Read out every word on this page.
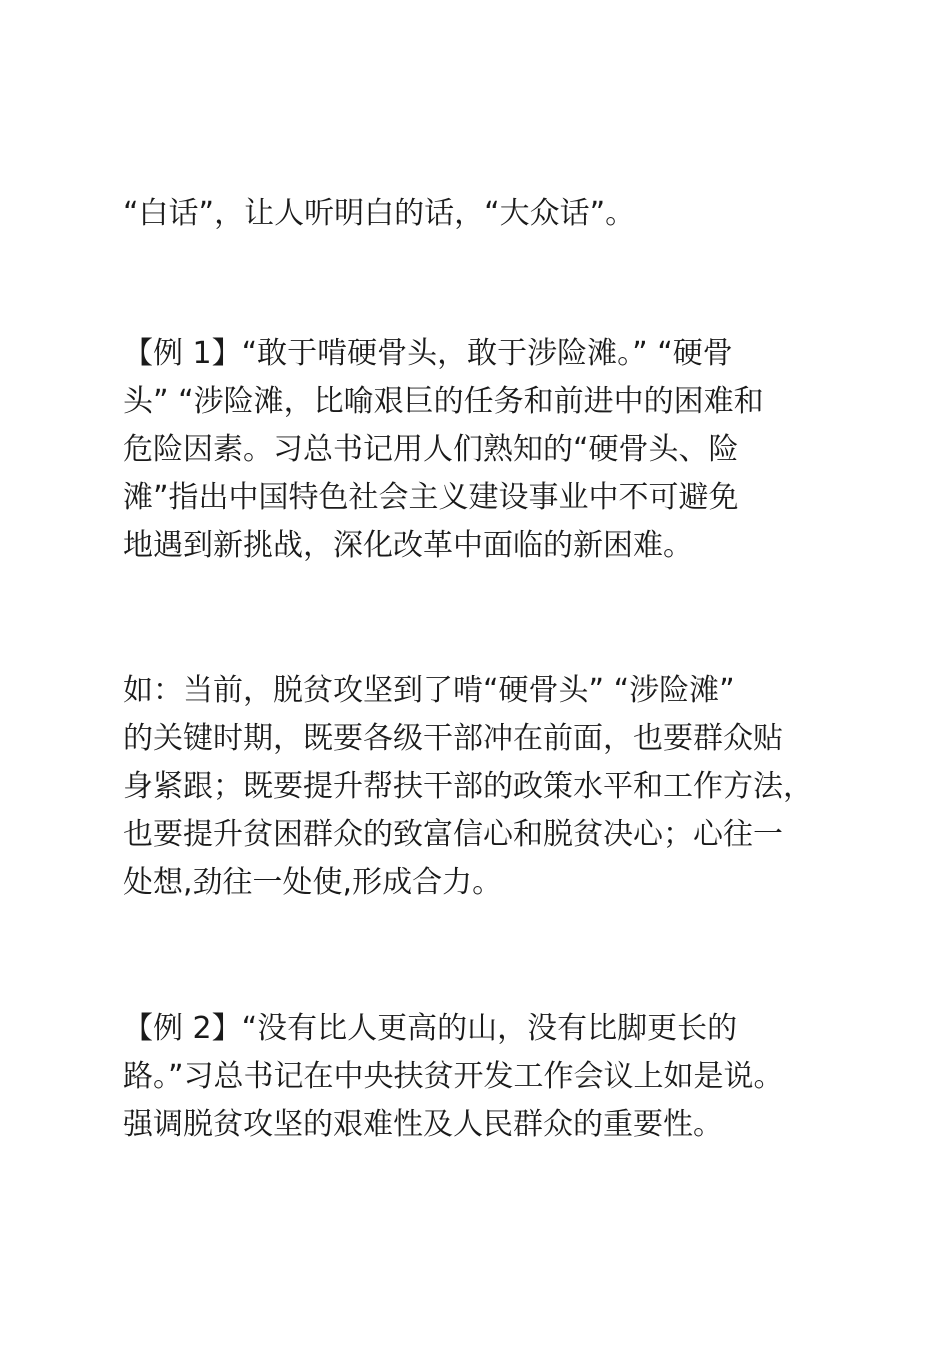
“白话”，让人听明白的话，“大众话”。

【例 1】“敢于啃硬骨头，敢于涉险滩。” “硬骨
头” “涉险滩，比喻艰巨的任务和前进中的困难和
危险因素。习总书记用人们熟知的“硬骨头、险
滩”指出中国特色社会主义建设事业中不可避免
地遇到新挑战，深化改革中面临的新困难。

如：当前，脱贫攻坚到了啃“硬骨头” “涉险滩”
的关键时期，既要各级干部冲在前面，也要群众贴
身紧跟；既要提升帮扶干部的政策水平和工作方法，
也要提升贫困群众的致富信心和脱贫决心；心往一
处想,劲往一处使,形成合力。

【例 2】“没有比人更高的山，没有比脚更长的
路。”习总书记在中央扶贫开发工作会议上如是说。
强调脱贫攻坚的艰难性及人民群众的重要性。
